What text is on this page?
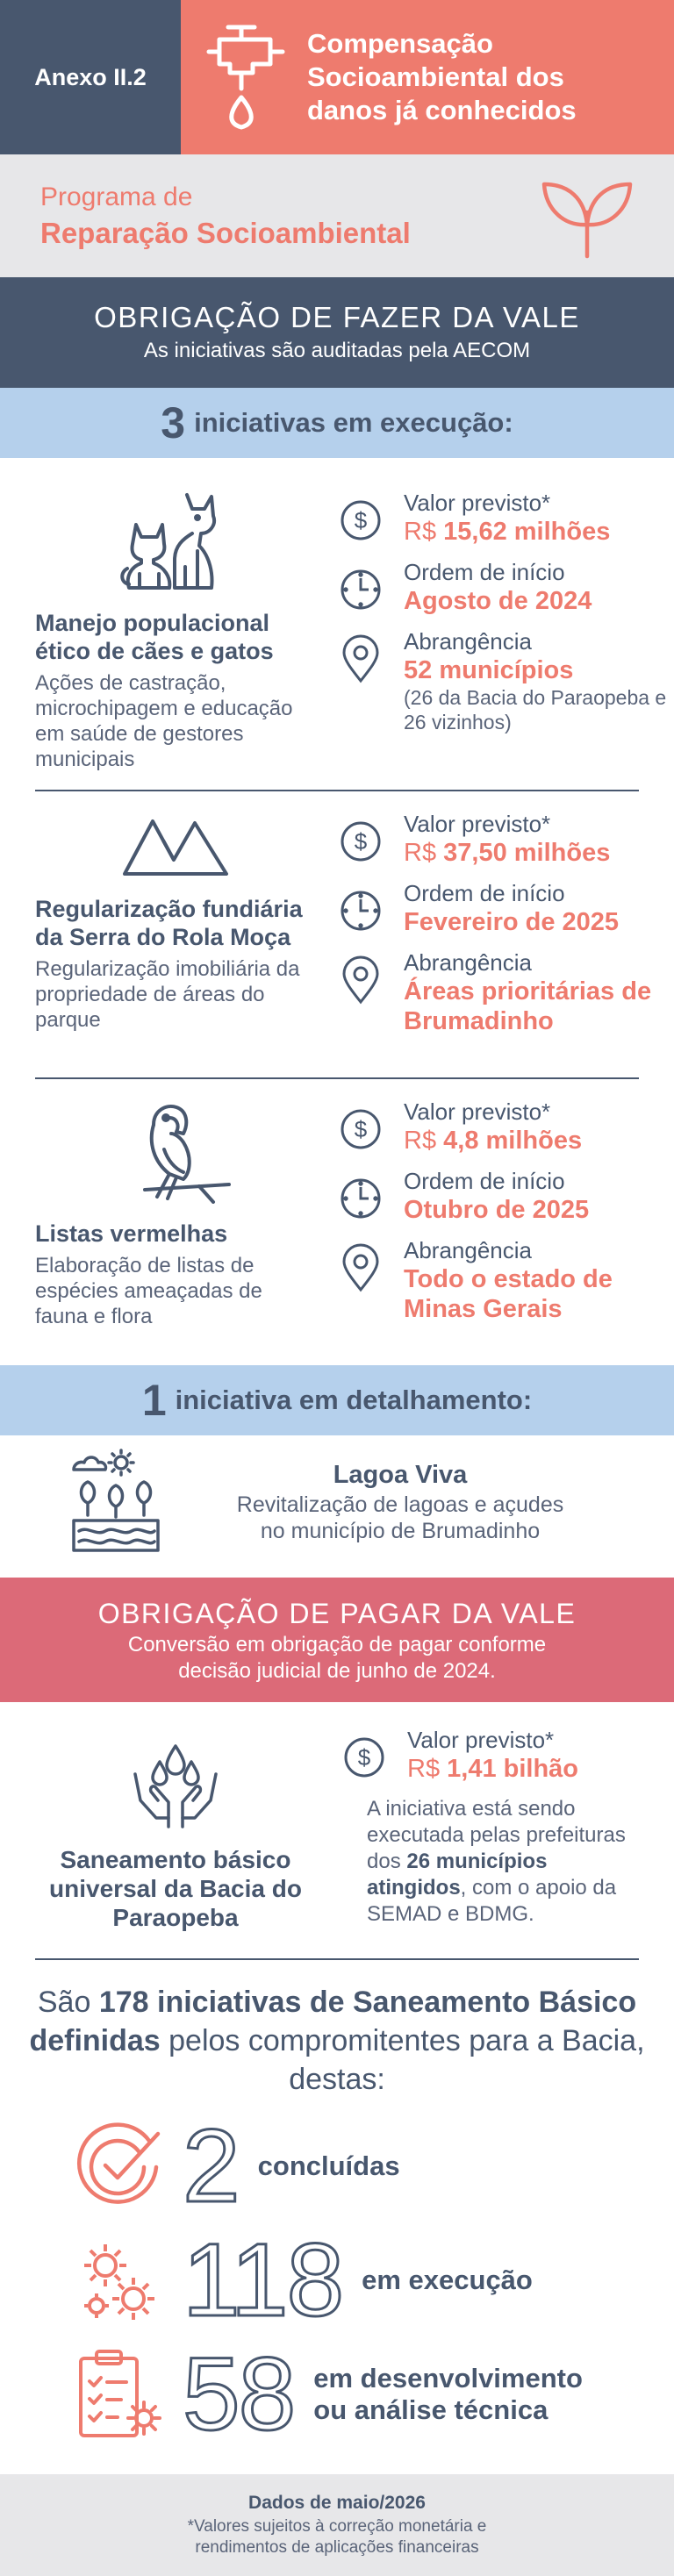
Anexo II.2
Compensação
Socioambiental dos
danos já conhecidos
Programa de
Reparação Socioambiental
OBRIGAÇÃO DE FAZER DA VALE
As iniciativas são auditadas pela AECOM
3 iniciativas em execução:
Manejo populacional ético de cães e gatos
Ações de castração, microchipagem e educação em saúde de gestores municipais
$
Valor previsto*
R$ 15,62 milhões
Ordem de início
Agosto de 2024
Abrangência
52 municípios
(26 da Bacia do Paraopeba e 26 vizinhos)
Regularização fundiária da Serra do Rola Moça
Regularização imobiliária da propriedade de áreas do parque
$
Valor previsto*
R$ 37,50 milhões
Ordem de início
Fevereiro de 2025
Abrangência
Áreas prioritárias de Brumadinho
Listas vermelhas
Elaboração de listas de espécies ameaçadas de fauna e flora
$
Valor previsto*
R$ 4,8 milhões
Ordem de início
Otubro de 2025
Abrangência
Todo o estado de Minas Gerais
1 iniciativa em detalhamento:
Lagoa Viva
Revitalização de lagoas e açudes
no município de Brumadinho
OBRIGAÇÃO DE PAGAR DA VALE
Conversão em obrigação de pagar conforme
decisão judicial de junho de 2024.
Saneamento básico universal da Bacia do Paraopeba
$
Valor previsto*
R$ 1,41 bilhão
A iniciativa está sendo executada pelas prefeituras dos 26 municípios atingidos, com o apoio da SEMAD e BDMG.
São 178 iniciativas de Saneamento Básico definidas pelos compromitentes para a Bacia, destas:
2 concluídas
118 em execução
58 em desenvolvimento
ou análise técnica
Dados de maio/2026
*Valores sujeitos à correção monetária e
rendimentos de aplicações financeiras
